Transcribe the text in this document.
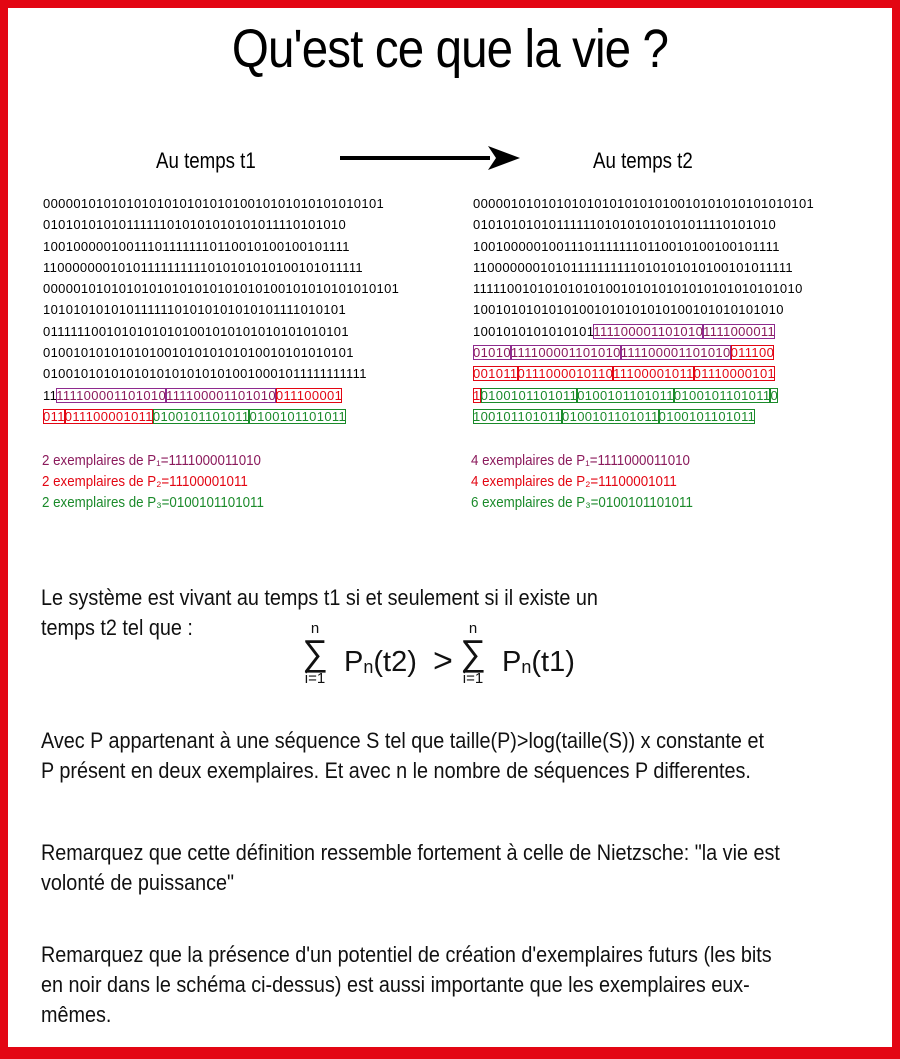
Qu'est ce que la vie ?
Au temps t1	Au temps t2
000001010101010101010101010010101010101010101
01010101010111111010101010101011110101010
100100000100111011111110110010100100101111
11000000010101111111111010101010100101011111
00000101010101010101010101010100101010101010101
10101010101011111101010101010101111010101
01111110010101010101001010101010101010101
01001010101010100101010101010010101010101
01001010101010101010101010010001011111111111
11111100001101010111100001101010011100001
01101110000101101001011010110100101101011
000001010101010101010101010010101010101010101
01010101010111111010101010101011110101010
100100000100111011111110110010100100101111
11000000010101111111111010101010100101011111
11111001010101010100101010101010101010101010
10010101010101001010101010100101010101010
10010101010101011111000011010101111000011
01010111100001101010111100001101010011100
00101101110000101101110000101101110000101
10100101101011010010110101101001011010110
10010110101101001011010110100101101011
2 exemplaires de P₁=1111000011010
2 exemplaires de P₂=11100001011
2 exemplaires de P₃=0100101101011
4 exemplaires de P₁=1111000011010
4 exemplaires de P₂=11100001011
6 exemplaires de P₃=0100101101011
Le système est vivant au temps t1 si et seulement si il existe un
temps t2 tel que :	n
∑
i=1
$P_n(t2)$ >
n
∑
i=1
$P_n(t1)$
Avec P appartenant à une séquence S tel que taille(P)>log(taille(S)) x constante et P présent en deux exemplaires. Et avec n le nombre de séquences P differentes.
Remarquez que cette définition ressemble fortement à celle de Nietzsche: "la vie est volonté de puissance"
Remarquez que la présence d'un potentiel de création d'exemplaires futurs (les bits en noir dans le schéma ci-dessus) est aussi importante que les exemplaires eux-mêmes.
